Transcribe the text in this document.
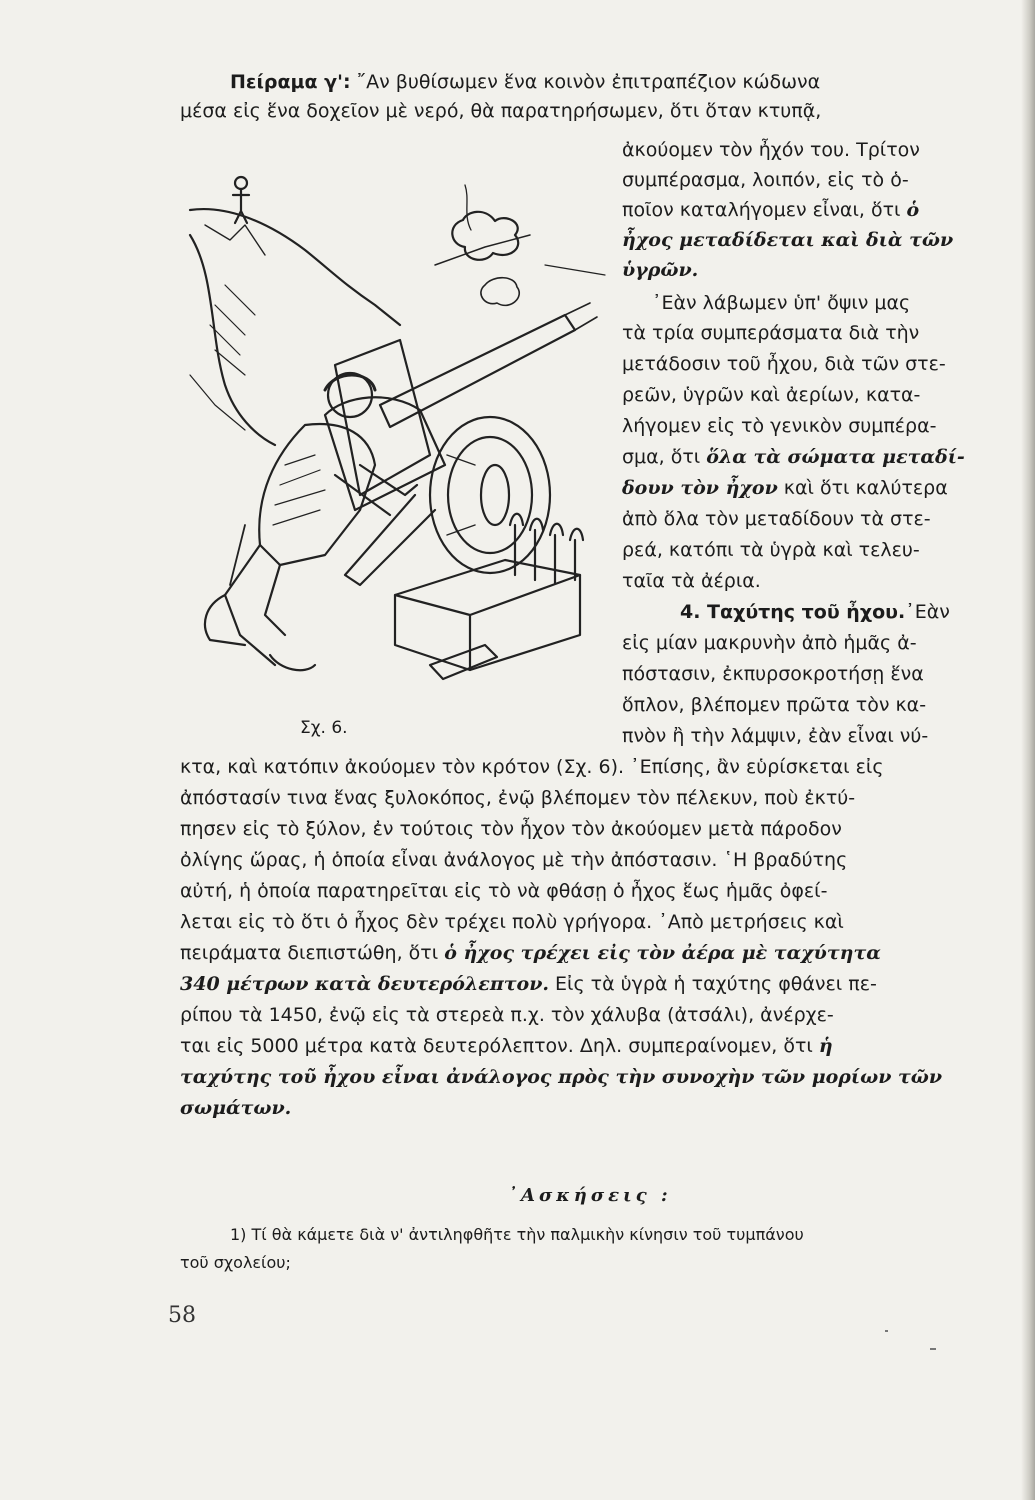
Πείραμα γ': ῎Αν βυθίσωμεν ἕνα κοινὸν ἐπιτραπέζιον κώδωνα
μέσα εἰς ἕνα δοχεῖον μὲ νερό, θὰ παρατηρήσωμεν, ὅτι ὅταν κτυπᾷ,
ἀκούομεν τὸν ἦχόν του. Τρίτον
συμπέρασμα, λοιπόν, εἰς τὸ ὁ-
ποῖον καταλήγομεν εἶναι, ὅτι ὁ
ἦχος μεταδίδεται καὶ διὰ τῶν
ὑγρῶν.
᾿Εὰν λάβωμεν ὑπ' ὄψιν μας
τὰ τρία συμπεράσματα διὰ τὴν
μετάδοσιν τοῦ ἦχου, διὰ τῶν στε-
ρεῶν, ὑγρῶν καὶ ἀερίων, κατα-
λήγομεν εἰς τὸ γενικὸν συμπέρα-
σμα, ὅτι ὅλα τὰ σώματα μεταδί-
δουν τὸν ἦχον καὶ ὅτι καλύτερα
ἀπὸ ὅλα τὸν μεταδίδουν τὰ στε-
ρεά, κατόπι τὰ ὑγρὰ καὶ τελευ-
ταῖα τὰ ἀέρια.
4. Ταχύτης τοῦ ἦχου.᾿Εὰν
εἰς μίαν μακρυνὴν ἀπὸ ἡμᾶς ἀ-
πόστασιν, ἐκπυρσοκροτήσῃ ἕνα
ὅπλον, βλέπομεν πρῶτα τὸν κα-
πνὸν ἢ τὴν λάμψιν, ἐὰν εἶναι νύ-
κτα, καὶ κατόπιν ἀκούομεν τὸν κρότον (Σχ. 6). ᾿Επίσης, ἂν εὑρίσκεται εἰς
ἀπόστασίν τινα ἕνας ξυλοκόπος, ἐνῷ βλέπομεν τὸν πέλεκυν, ποὺ ἐκτύ-
πησεν εἰς τὸ ξύλον, ἐν τούτοις τὸν ἦχον τὸν ἀκούομεν μετὰ πάροδον
ὀλίγης ὥρας, ἡ ὁποία εἶναι ἀνάλογος μὲ τὴν ἀπόστασιν. ῾Η βραδύτης
αὐτή, ἡ ὁποία παρατηρεῖται εἰς τὸ νὰ φθάσῃ ὁ ἦχος ἕως ἡμᾶς ὀφεί-
λεται εἰς τὸ ὅτι ὁ ἦχος δὲν τρέχει πολὺ γρήγορα. ᾿Απὸ μετρήσεις καὶ
πειράματα διεπιστώθη, ὅτι ὁ ἦχος τρέχει εἰς τὸν ἀέρα μὲ ταχύτητα
340 μέτρων κατὰ δευτερόλεπτον. Εἰς τὰ ὑγρὰ ἡ ταχύτης φθάνει πε-
ρίπου τὰ 1450, ἐνῷ εἰς τὰ στερεὰ π.χ. τὸν χάλυβα (ἀτσάλι), ἀνέρχε-
ται εἰς 5000 μέτρα κατὰ δευτερόλεπτον. Δηλ. συμπεραίνομεν, ὅτι ἡ
ταχύτης τοῦ ἦχου εἶναι ἀνάλογος πρὸς τὴν συνοχὴν τῶν μορίων τῶν
σωμάτων.
1) Τί θὰ κάμετε διὰ ν' ἀντιληφθῆτε τὴν παλμικὴν κίνησιν τοῦ τυμπάνου
τοῦ σχολείου;
Σχ. 6.
᾿Ασκήσεις :
58
